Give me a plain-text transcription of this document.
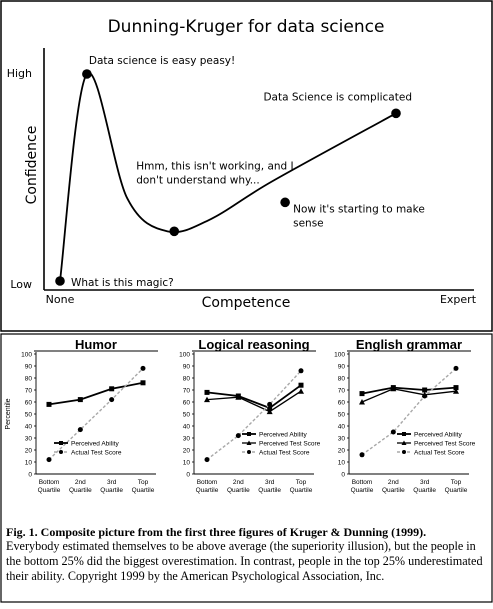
Dunning-Kruger for data science
Confidence
Competence
High
Low
None	Expert
What is this magic?
Data science is easy peasy!
Hmm, this isn't working, and I don't understand why...
Now it's starting to make sense
Data Science is complicated
0
10
20
30
40
50
60
70
80
90
100
Bottom Quartile
2nd Quartile
3rd Quartile
Top Quartile
Humor
Percentile
Perceived Ability
Actual Test Score
0
10
20
30
40
50
60
70
80
90
100
Bottom Quartile
2nd Quartile
3rd Quartile
Top Quartile
Logical reasoning
Perceived Ability
Perceived Test Score
Actual Test Score
0
10
20
30
40
50
60
70
80
90
100
Bottom Quartile
2nd Quartile
3rd Quartile
Top Quartile
English grammar
Perceived Ability
Perceived Test Score
Actual Test Score
Fig. 1. Composite picture from the first three figures of Kruger & Dunning (1999).
Everybody estimated themselves to be above average (the superiority illusion), but the people in the bottom 25% did the biggest overestimation. In contrast, people in the top 25% underestimated their ability. Copyright 1999 by the American Psychological Association, Inc.
